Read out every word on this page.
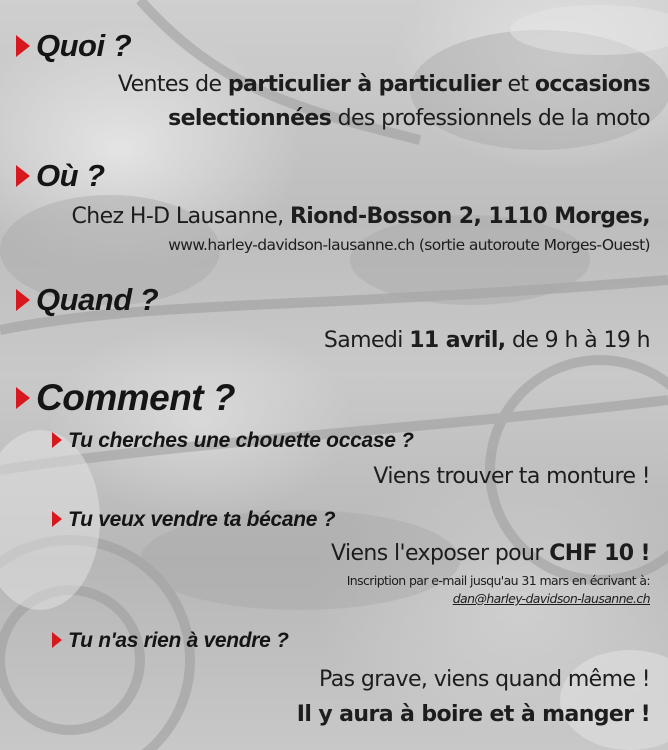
Quoi ?
Ventes de particulier à particulier et occasions
selectionnées des professionnels de la moto
Où ?
Chez H-D Lausanne, Riond-Bosson 2, 1110 Morges,
www.harley-davidson-lausanne.ch (sortie autoroute Morges-Ouest)
Quand ?
Samedi 11 avril, de 9 h à 19 h
Comment ?
Tu cherches une chouette occase ?
Viens trouver ta monture !
Tu veux vendre ta bécane ?
Viens l'exposer pour CHF 10 !
Inscription par e-mail jusqu'au 31 mars en écrivant à:
dan@harley-davidson-lausanne.ch
Tu n'as rien à vendre ?
Pas grave, viens quand même !
Il y aura à boire et à manger !
